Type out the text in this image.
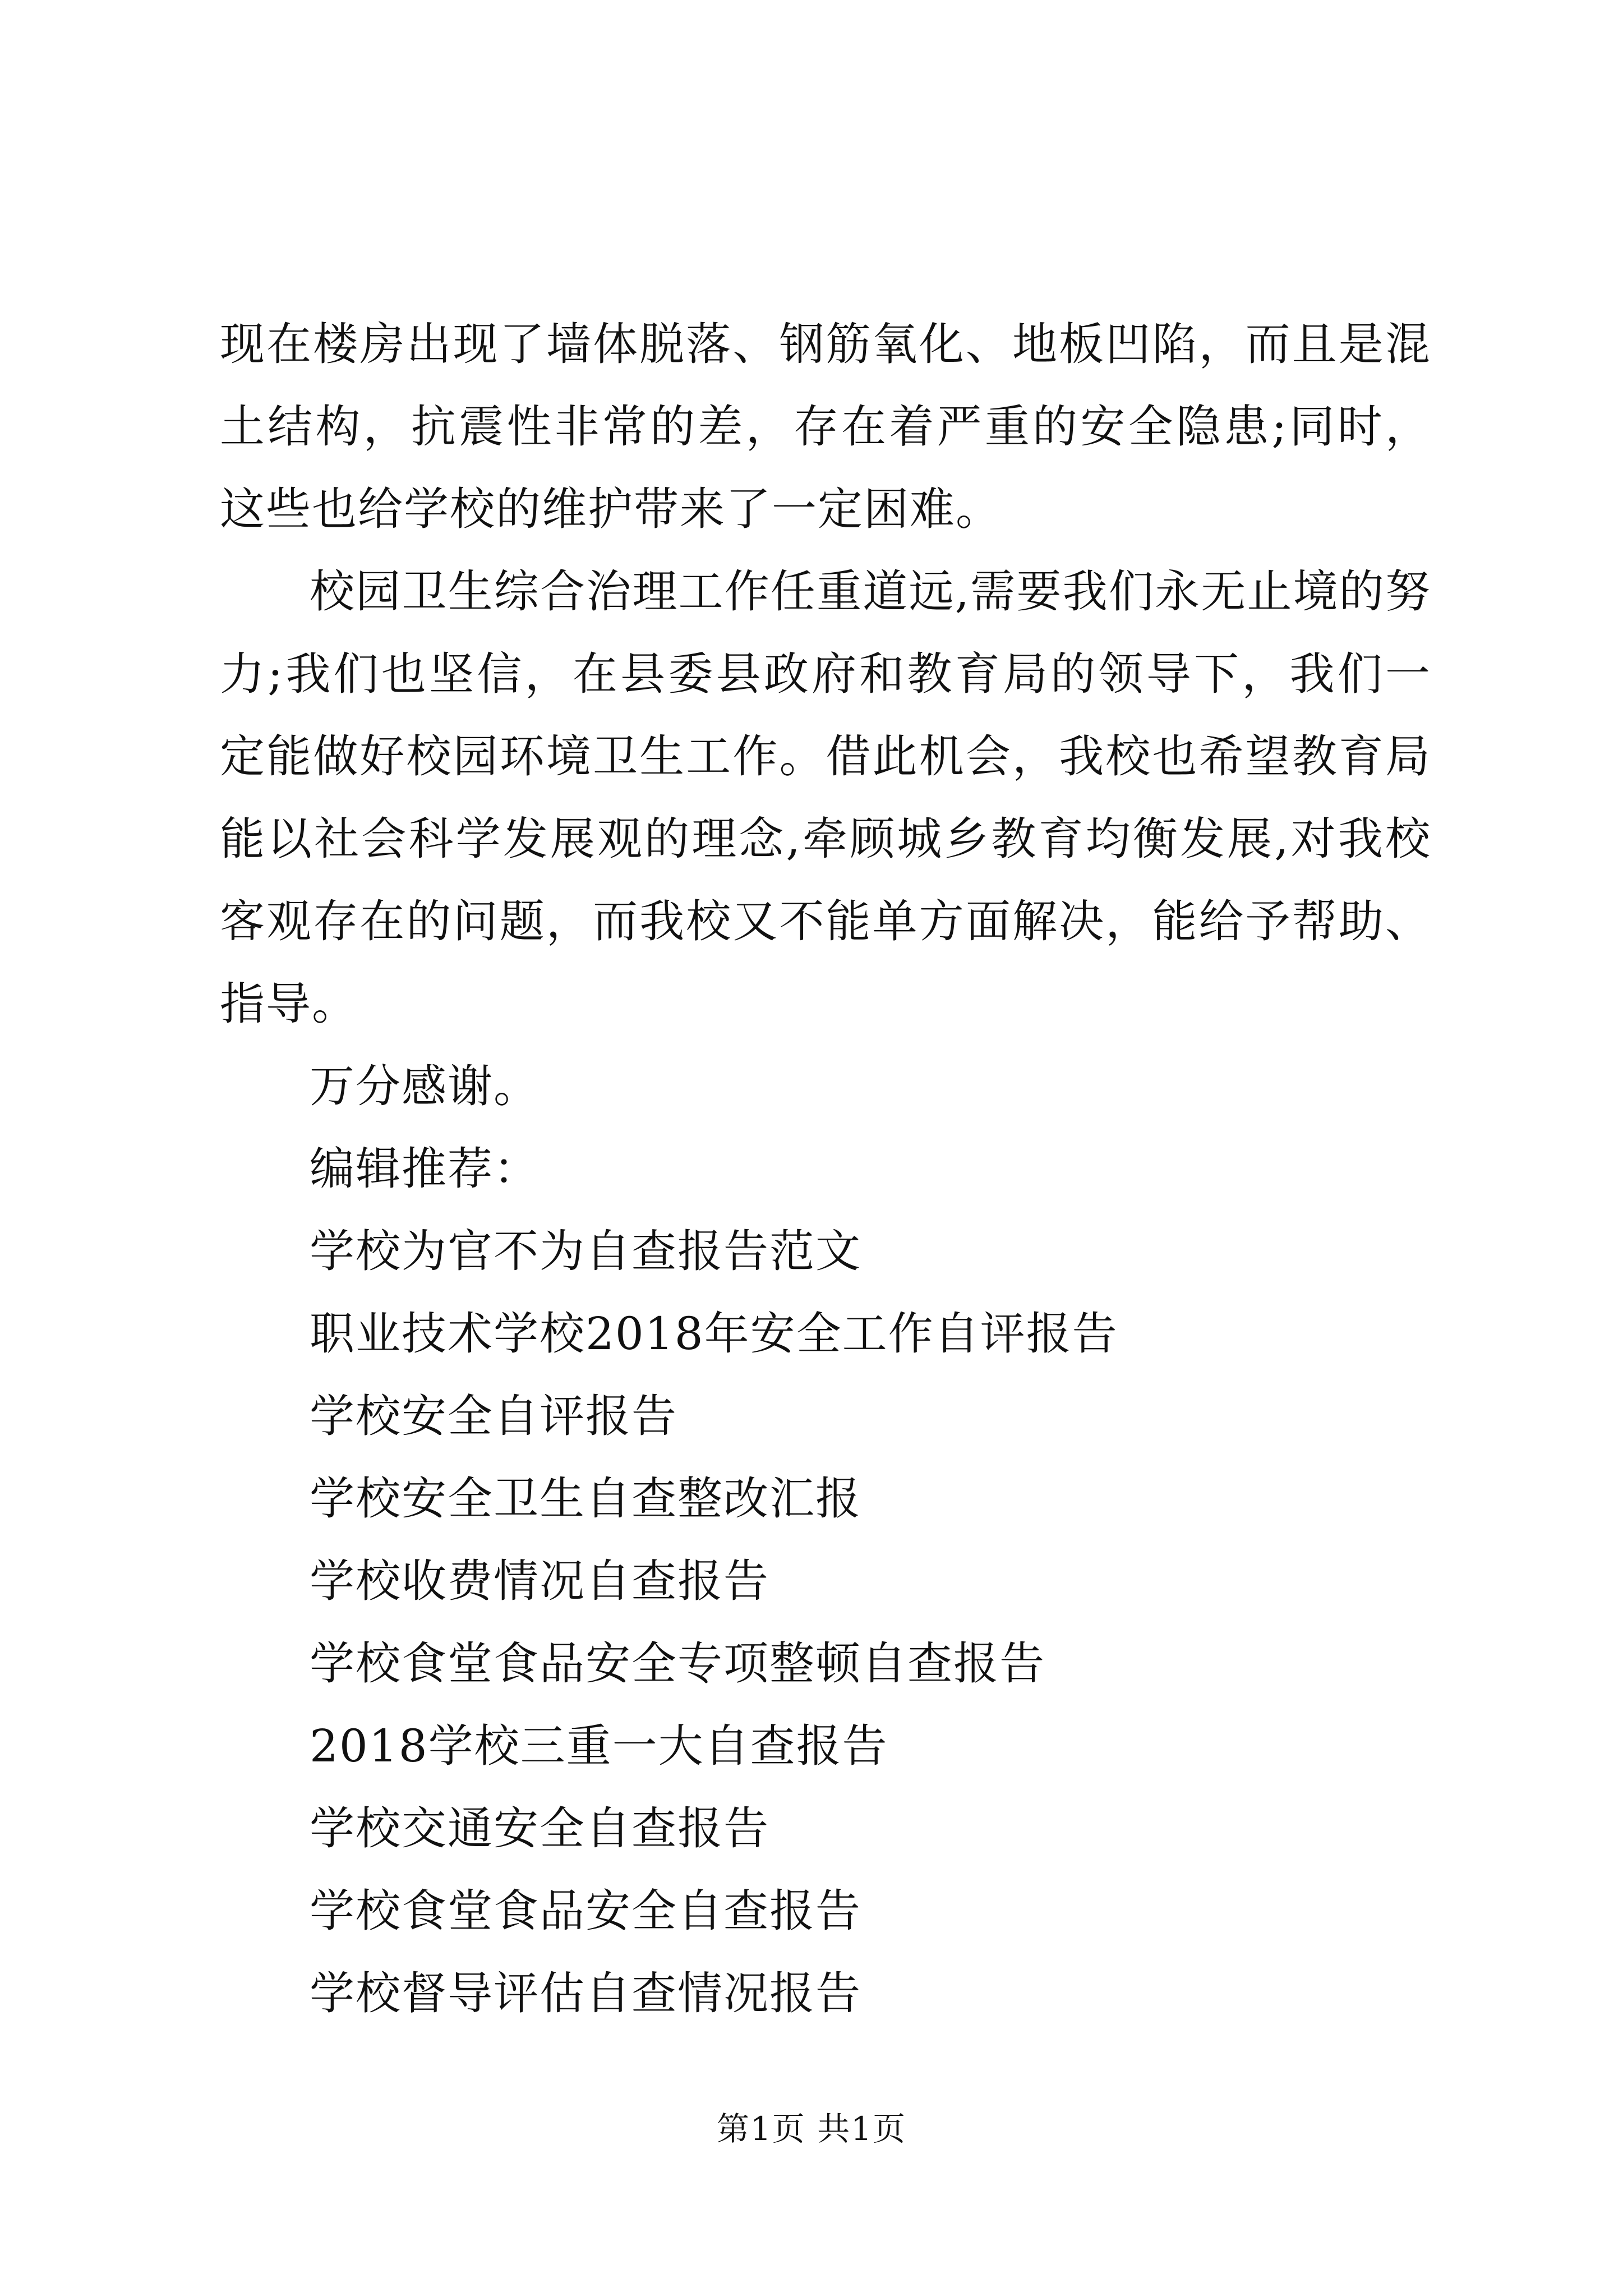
现在楼房出现了墙体脱落、钢筋氧化、地板凹陷，而且是混土结构，抗震性非常的差，存在着严重的安全隐患;同时，这些也给学校的维护带来了一定困难。

校园卫生综合治理工作任重道远,需要我们永无止境的努力;我们也坚信，在县委县政府和教育局的领导下，我们一定能做好校园环境卫生工作。借此机会，我校也希望教育局能以社会科学发展观的理念,牵顾城乡教育均衡发展,对我校客观存在的问题，而我校又不能单方面解决，能给予帮助、指导。

万分感谢。

编辑推荐：

学校为官不为自查报告范文
职业技术学校2018年安全工作自评报告
学校安全自评报告
学校安全卫生自查整改汇报
学校收费情况自查报告
学校食堂食品安全专项整顿自查报告
2018学校三重一大自查报告
学校交通安全自查报告
学校食堂食品安全自查报告
学校督导评估自查情况报告
第1页 共1页
